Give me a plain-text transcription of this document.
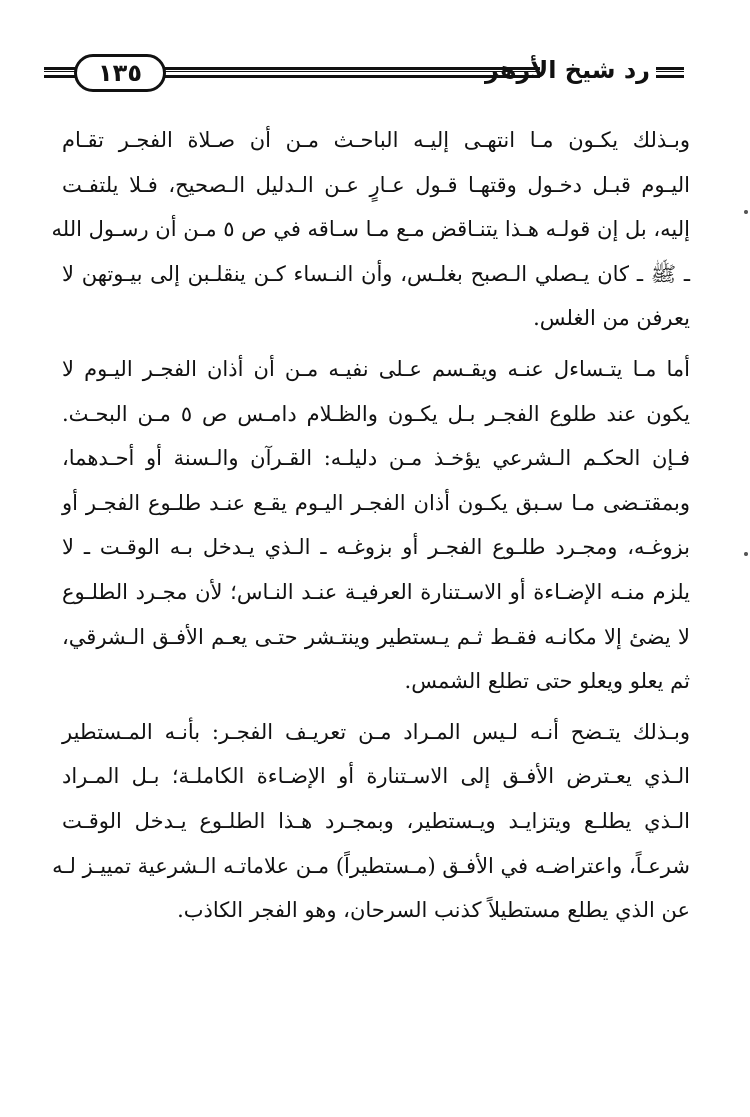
١٣٥	رد شيخ الأزهر
وبـذلك يكـون مـا انتهـى إليـه الباحـث مـن أن صـلاة الفجـر تقـام
اليـوم قبـل دخـول وقتهـا قـول عـارٍ عـن الـدليل الـصحيح، فـلا يلتفـت
إليه، بل إن قولـه هـذا يتنـاقض مـع مـا سـاقه في ص ٥ مـن أن رسـول الله
ـ ﷺ ـ كان يـصلي الـصبح بغلـس، وأن النـساء كـن ينقلـبن إلى بيـوتهن لا
يعرفن من الغلس.
أما مـا يتـساءل عنـه ويقـسم عـلى نفيـه مـن أن أذان الفجـر اليـوم لا
يكون عند طلوع الفجـر بـل يكـون والظـلام دامـس ص ٥ مـن البحـث.
فـإن الحكـم الـشرعي يؤخـذ مـن دليلـه: القـرآن والـسنة أو أحـدهما،
وبمقتـضى مـا سـبق يكـون أذان الفجـر اليـوم يقـع عنـد طلـوع الفجـر أو
بزوغـه، ومجـرد طلـوع الفجـر أو بزوغـه ـ الـذي يـدخل بـه الوقـت ـ لا
يلزم منـه الإضـاءة أو الاسـتنارة العرفيـة عنـد النـاس؛ لأن مجـرد الطلـوع
لا يضئ إلا مكانـه فقـط ثـم يـستطير وينتـشر حتـى يعـم الأفـق الـشرقي،
ثم يعلو ويعلو حتى تطلع الشمس.
وبـذلك يتـضح أنـه لـيس المـراد مـن تعريـف الفجـر: بأنـه المـستطير
الـذي يعـترض الأفـق إلى الاسـتنارة أو الإضـاءة الكاملـة؛ بـل المـراد
الـذي يطلـع ويتزايـد ويـستطير، وبمجـرد هـذا الطلـوع يـدخل الوقـت
شرعـاً، واعتراضـه في الأفـق (مـستطيراً) مـن علاماتـه الـشرعية تمييـز لـه
عن الذي يطلع مستطيلاً كذنب السرحان، وهو الفجر الكاذب.
